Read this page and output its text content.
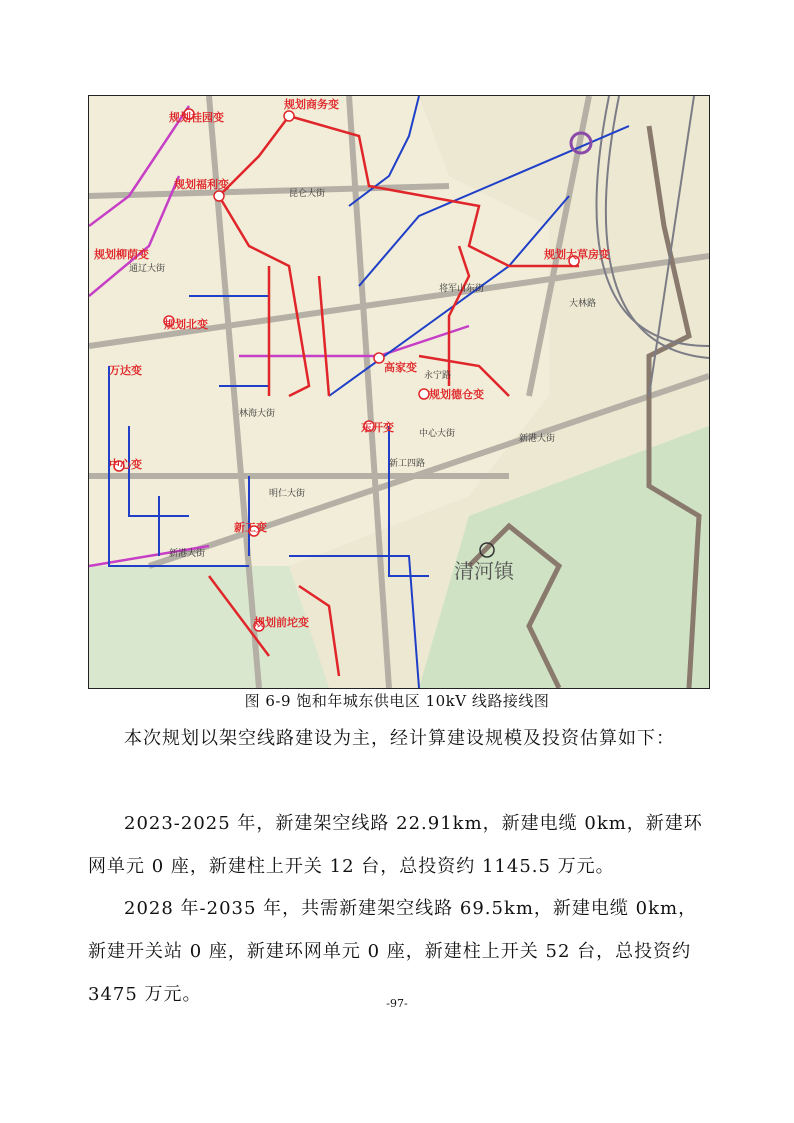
规划桂园变
规划商务变
规划福利变
规划柳荫变	规划大草房变
规划北变
万达变	高家变
规划德仓变
东开变
中心变
新工变
规划前坨变
永宁路
新工四路
中心大街
将军山东街
林海大街
明仁大街
新港大街
新港大街
昆仑大街
大林路
通辽大街
清河镇
图 6-9 饱和年城东供电区 10kV 线路接线图

本次规划以架空线路建设为主，经计算建设规模及投资估算如下：

2023-2025 年，新建架空线路 22.91km，新建电缆 0km，新建环网单元 0 座，新建柱上开关 12 台，总投资约 1145.5 万元。

2028 年-2035 年，共需新建架空线路 69.5km，新建电缆 0km，新建开关站 0 座，新建环网单元 0 座，新建柱上开关 52 台，总投资约 3475 万元。	-97-
